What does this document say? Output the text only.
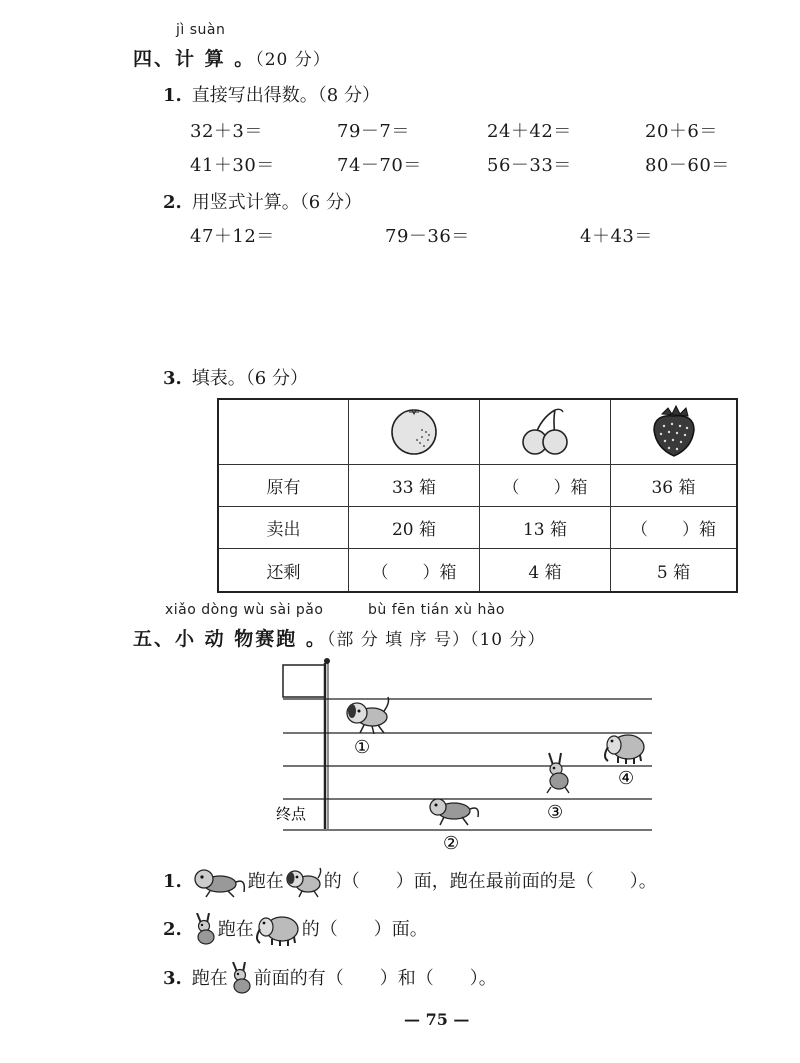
jì suàn
四、计 算 。（20 分）
1. 直接写出得数。（8 分）
32＋3＝	79－7＝	24＋42＝	20＋6＝
41＋30＝	74－70＝	56－33＝	80－60＝
2. 用竖式计算。（6 分）
47＋12＝	79－36＝	4＋43＝
3. 填表。（6 分）

原有	33 箱	（　　）箱	36 箱
卖出	20 箱	13 箱	（　　）箱
还剩	（　　）箱	4 箱	5 箱
xiǎo dòng wù sài pǎo	bù fēn tián xù hào
五、小 动 物赛跑 。（部 分 填 序 号）（10 分）
①
②
③
④
终点
1.	跑在 的（　　）面，跑在最前面的是（　　）。
2. 跑在	的（　　）面。
3. 跑在 前面的有（　　）和（　　）。
— 75 —
